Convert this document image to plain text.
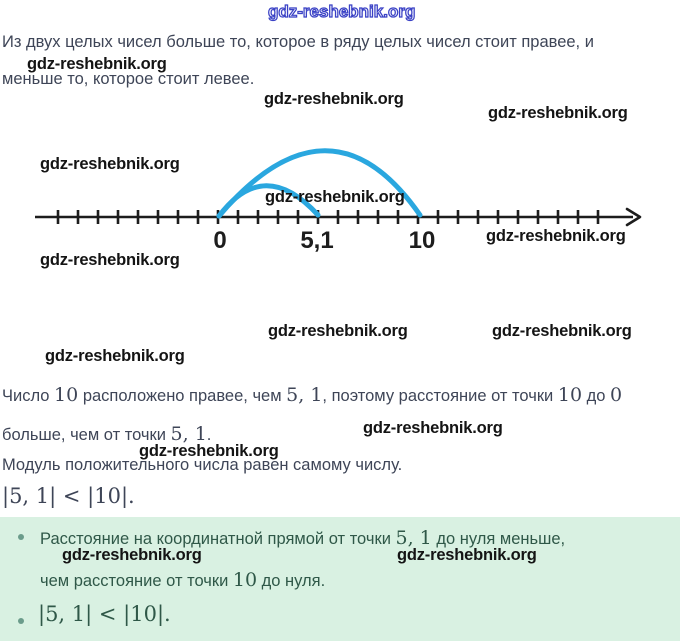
gdz-reshebnik.org
gdz-reshebnik.org
gdz-reshebnik.org
gdz-reshebnik.org
gdz-reshebnik.org
gdz-reshebnik.org
gdz-reshebnik.org
gdz-reshebnik.org
gdz-reshebnik.org	gdz-reshebnik.org
gdz-reshebnik.org
gdz-reshebnik.org
gdz-reshebnik.org
gdz-reshebnik.org	gdz-reshebnik.org
Из двух целых чисел больше то, которое в ряду целых чисел стоит правее, и
меньше то, которое стоит левее.
0	5,1	10
Число 10 расположено правее, чем 5, 1, поэтому расстояние от точки 10 до 0
больше, чем от точки 5, 1.
Модуль положительного числа равен самому числу.
|5, 1| < |10|.
Расстояние на координатной прямой от точки 5, 1 до нуля меньше,
чем расстояние от точки 10 до нуля.
|5, 1| < |10|.
